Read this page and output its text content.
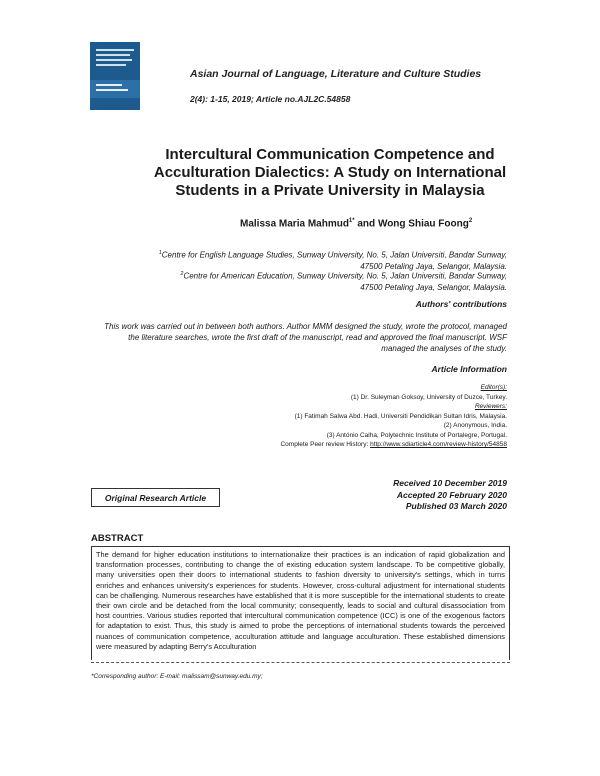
Asian Journal of Language, Literature and Culture Studies
2(4): 1-15, 2019; Article no.AJL2C.54858
Intercultural Communication Competence and
Acculturation Dialectics: A Study on International
Students in a Private University in Malaysia
Malissa Maria Mahmud$^{1*}$ and Wong Shiau Foong$^2$
$^1$Centre for English Language Studies, Sunway University, No. 5, Jalan Universiti, Bandar Sunway,
47500 Petaling Jaya, Selangor, Malaysia.
$^2$Centre for American Education, Sunway University, No. 5, Jalan Universiti, Bandar Sunway,
47500 Petaling Jaya, Selangor, Malaysia.
Authors' contributions

This work was carried out in between both authors. Author MMM designed the study, wrote the protocol, managed the literature searches, wrote the first draft of the manuscript, read and approved the final manuscript. WSF managed the analyses of the study.

Article Information
Editor(s):
(1) Dr. Suleyman Goksoy, University of Duzce, Turkey.
Reviewers:
(1) Fatimah Salwa Abd. Hadi, Universiti Pendidikan Sultan Idris, Malaysia.
(2) Anonymous, India.
(3) António Calha, Polytechnic Institute of Portalegre, Portugal.
Complete Peer review History: http://www.sdiarticle4.com/review-history/54858
Received 10 December 2019
Accepted 20 February 2020
Published 03 March 2020
Original Research Article
ABSTRACT
The demand for higher education institutions to internationalize their practices is an indication of rapid globalization and transformation processes, contributing to change the of existing education system landscape. To be competitive globally, many universities open their doors to international students to fashion diversity to university's settings, which in turns enriches and enhances university's experiences for students. However, cross-cultural adjustment for international students can be challenging. Numerous researches have established that it is more susceptible for the international students to create their own circle and be detached from the local community; consequently, leads to social and cultural disassociation from host countries. Various studies reported that intercultural communication competence (ICC) is one of the exogenous factors for adaptation to exist. Thus, this study is aimed to probe the perceptions of international students towards the perceived nuances of communication competence, acculturation attitude and language acculturation. These established dimensions were measured by adapting Berry's Acculturation
*Corresponding author: E-mail: malissam@sunway.edu.my;
